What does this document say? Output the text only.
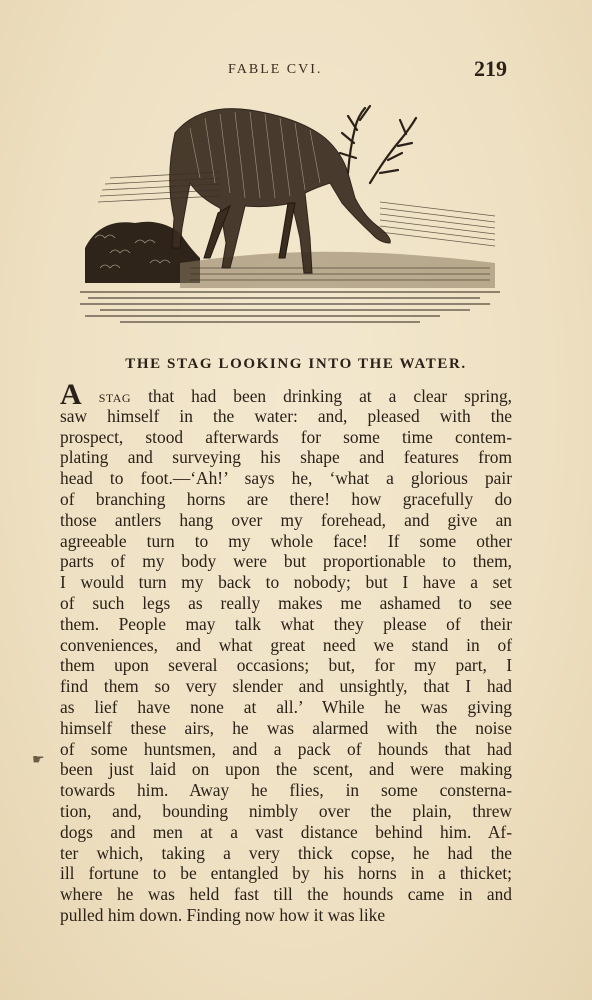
FABLE CVI.	219
THE STAG LOOKING INTO THE WATER.
A stag that had been drinking at a clear spring,
saw himself in the water: and, pleased with the
prospect, stood afterwards for some time contem-
plating and surveying his shape and features from
head to foot.—‘Ah!’ says he, ‘what a glorious pair
of branching horns are there! how gracefully do
those antlers hang over my forehead, and give an
agreeable turn to my whole face! If some other
parts of my body were but proportionable to them,
I would turn my back to nobody; but I have a set
of such legs as really makes me ashamed to see
them. People may talk what they please of their
conveniences, and what great need we stand in of
them upon several occasions; but, for my part, I
find them so very slender and unsightly, that I had
as lief have none at all.’ While he was giving
himself these airs, he was alarmed with the noise
of some huntsmen, and a pack of hounds that had
been just laid on upon the scent, and were making
towards him. Away he flies, in some consterna-
tion, and, bounding nimbly over the plain, threw
dogs and men at a vast distance behind him. Af-
ter which, taking a very thick copse, he had the
ill fortune to be entangled by his horns in a thicket;
where he was held fast till the hounds came in and
pulled him down. Finding now how it was like
☛
